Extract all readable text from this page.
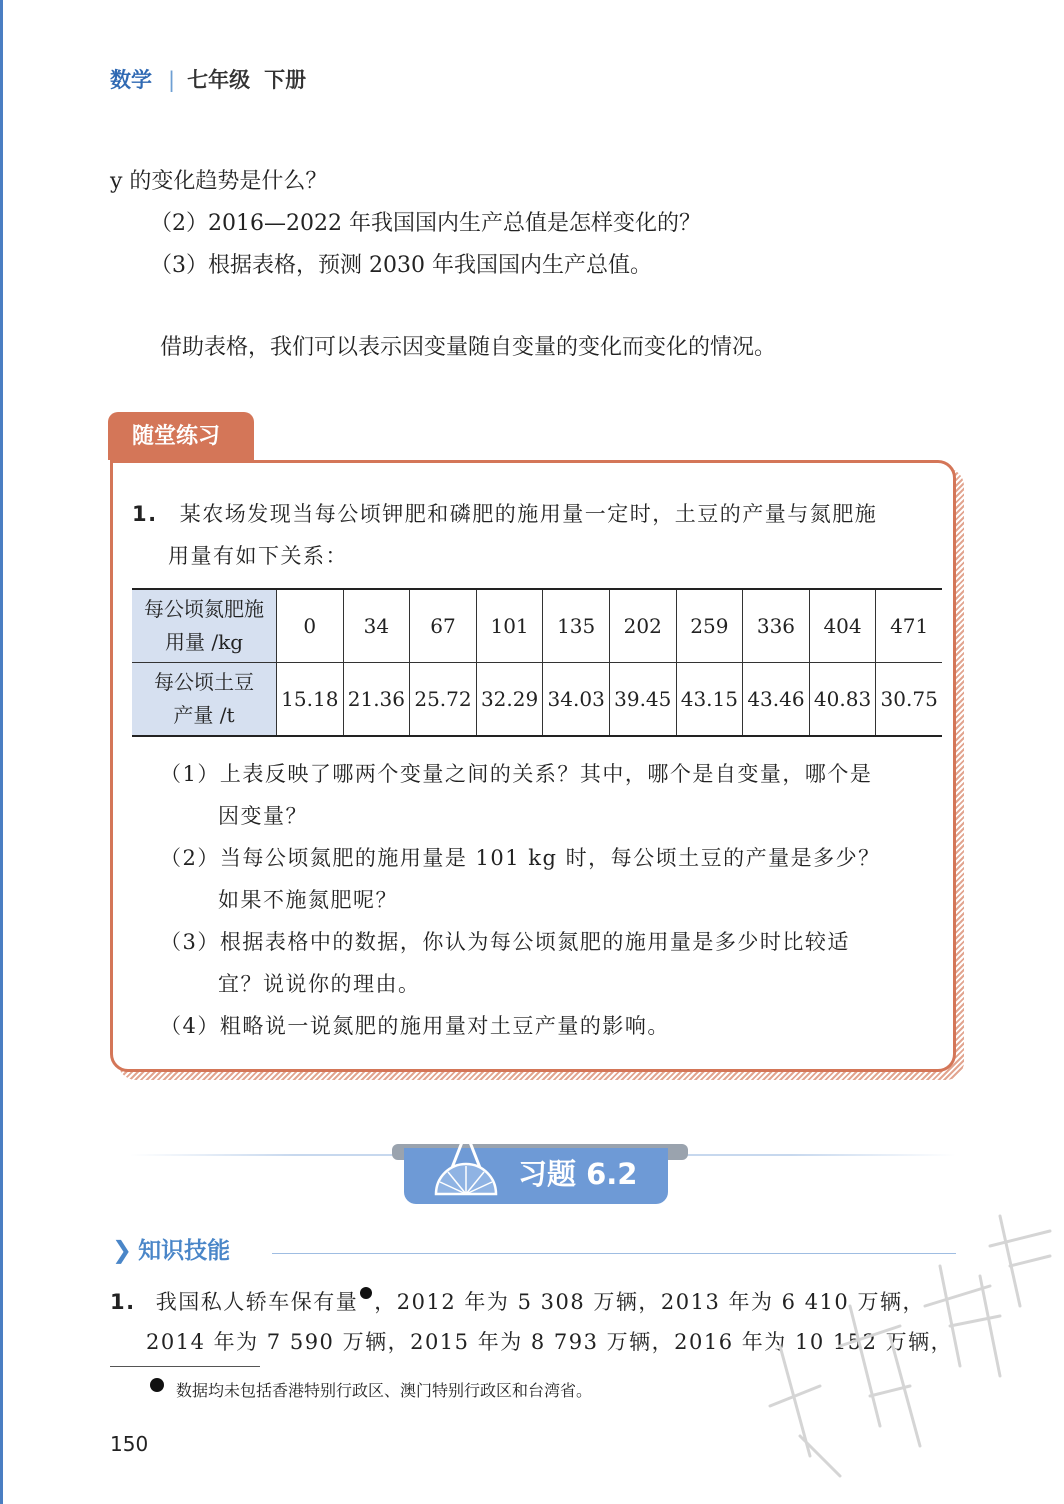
数学 | 七年级 下册
y 的变化趋势是什么？
（2）2016—2022 年我国国内生产总值是怎样变化的？
（3）根据表格，预测 2030 年我国国内生产总值。
借助表格，我们可以表示因变量随自变量的变化而变化的情况。
随堂练习
1. 某农场发现当每公顷钾肥和磷肥的施用量一定时，土豆的产量与氮肥施
用量有如下关系：
每公顷氮肥施
用量 /kg	0	34	67	101	135	202	259	336	404	471
每公顷土豆
产量 /t	15.18	21.36	25.72	32.29	34.03	39.45	43.15	43.46	40.83	30.75
（1）上表反映了哪两个变量之间的关系？其中，哪个是自变量，哪个是
因变量？
（2）当每公顷氮肥的施用量是 101 kg 时，每公顷土豆的产量是多少？
如果不施氮肥呢？
（3）根据表格中的数据，你认为每公顷氮肥的施用量是多少时比较适
宜？说说你的理由。
（4）粗略说一说氮肥的施用量对土豆产量的影响。
习题 6.2
❯ 知识技能
1. 我国私人轿车保有量 ，2012 年为 5 308 万辆，2013 年为 6 410 万辆，
2014 年为 7 590 万辆，2015 年为 8 793 万辆，2016 年为 10 152 万辆，
数据均未包括香港特别行政区、澳门特别行政区和台湾省。
150
